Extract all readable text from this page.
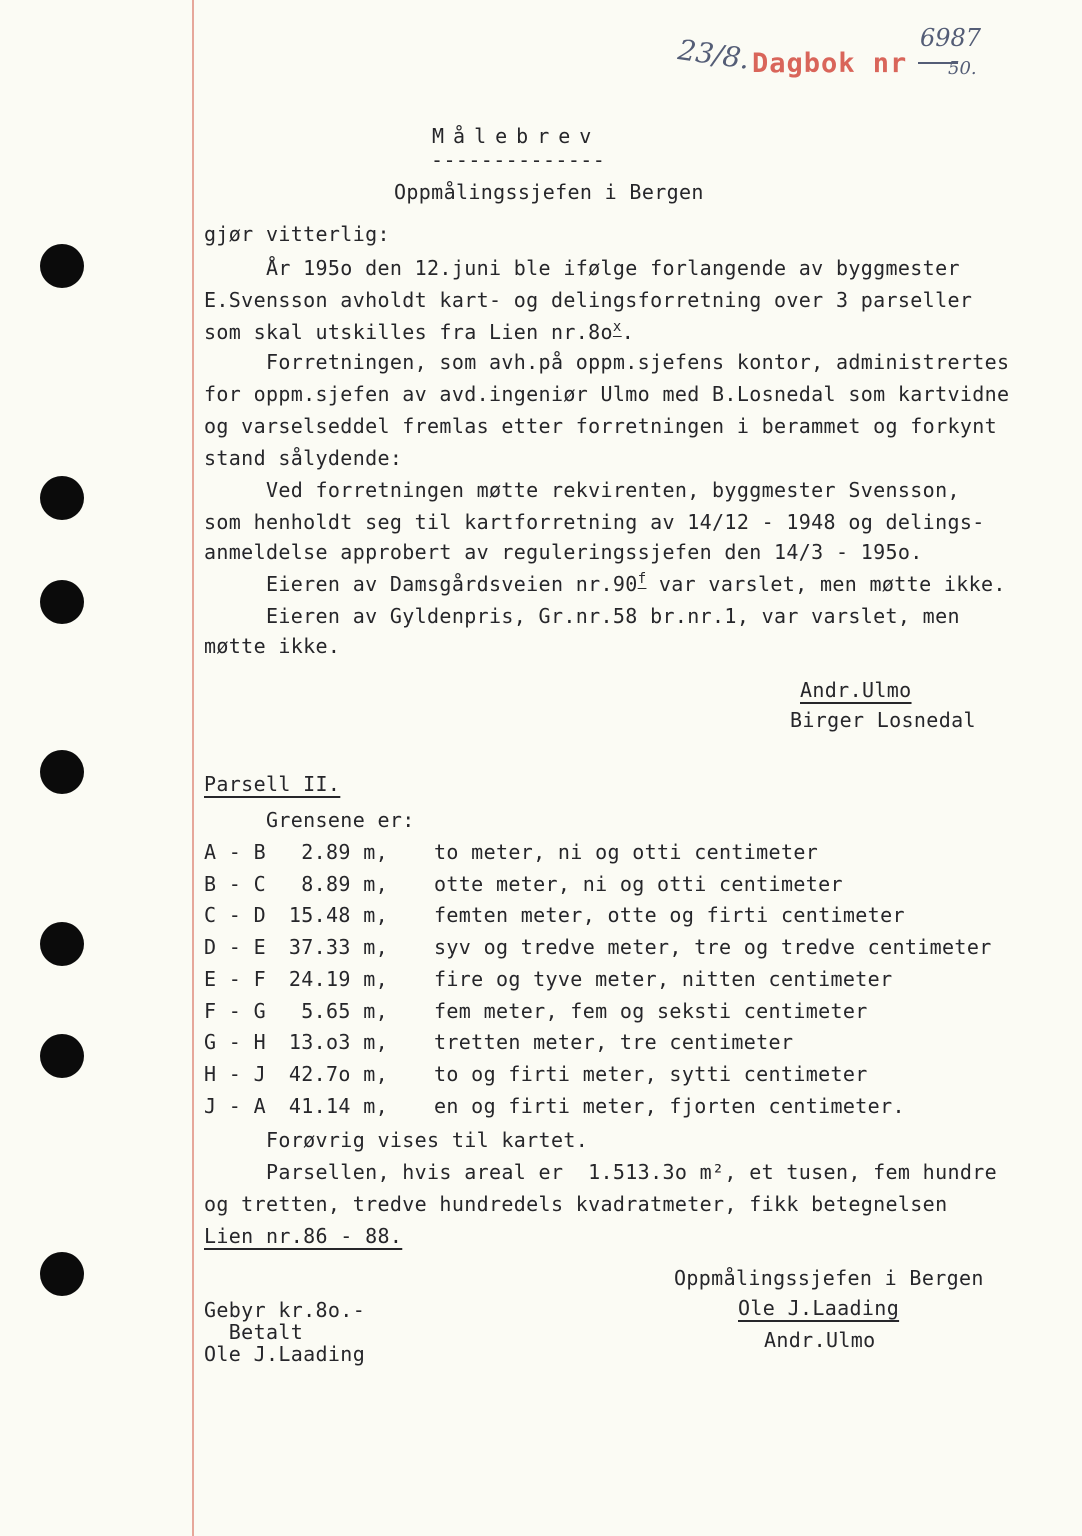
23/8. Dagbok nr
6987
50.
Målebrev
--------------
Oppmålingssjefen i Bergen
gjør vitterlig:
År 195o den 12.juni ble ifølge forlangende av byggmester
E.Svensson avholdt kart- og delingsforretning over 3 parseller
som skal utskilles fra Lien $nr.8o^x$.
Forretningen, som avh.på oppm.sjefens kontor, administrertes
for oppm.sjefen av avd.ingeniør Ulmo med B.Losnedal som kartvidne
og varselseddel fremlas etter forretningen i berammet og forkynt
stand sålydende:
Ved forretningen møtte rekvirenten, byggmester Svensson,
som henholdt seg til kartforretning av 14/12 - 1948 og delings-
anmeldelse approbert av reguleringssjefen den 14/3 - 195o.
Eieren av Damsgårdsveien nr.90$^f$ var varslet, men møtte ikke.
Eieren av Gyldenpris, Gr.nr.58 br.nr.1, var varslet, men
møtte ikke.
Andr.Ulmo
Birger Losnedal
Parsell II.
Grensene er:
A - B	2.89 m, to meter, ni og otti centimeter
B - C	8.89 m, otte meter, ni og otti centimeter
C - D	15.48 m, femten meter, otte og firti centimeter
D - E	37.33 m, syv og tredve meter, tre og tredve centimeter
E - F	24.19 m, fire og tyve meter, nitten centimeter
F - G	5.65 m, fem meter, fem og seksti centimeter
G - H	13.o3 m, tretten meter, tre centimeter
H - J	42.7o m, to og firti meter, sytti centimeter
J - A	41.14 m, en og firti meter, fjorten centimeter.
Forøvrig vises til kartet.
Parsellen, hvis areal er  1.513.3o m², et tusen, fem hundre
og tretten, tredve hundredels kvadratmeter, fikk betegnelsen
Lien nr.86 - 88.
Oppmålingssjefen i Bergen
Ole J.Laading
Andr.Ulmo
Gebyr kr.8o.-
Betalt
Ole J.Laading
